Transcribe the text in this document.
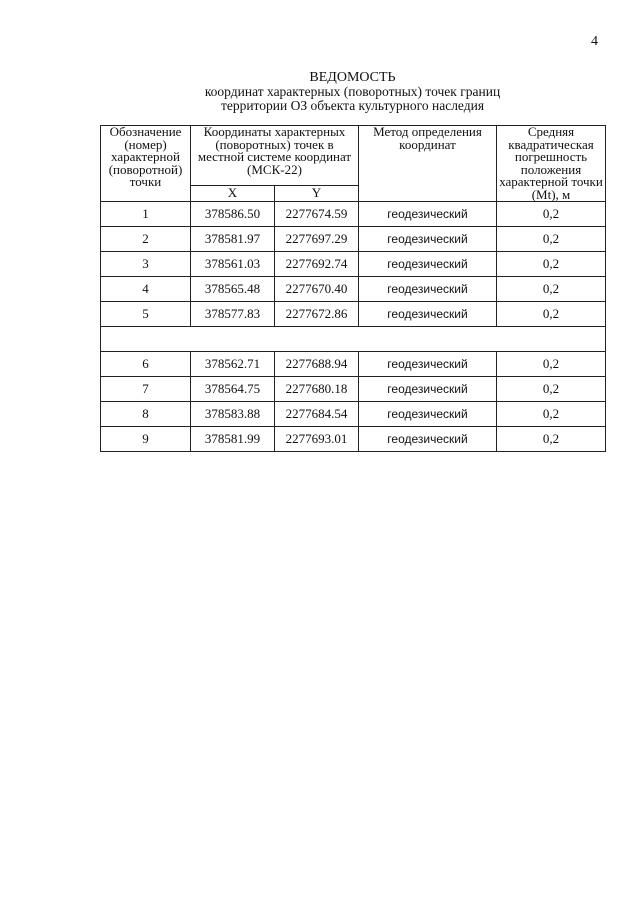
4
ВЕДОМОСТЬ
координат характерных (поворотных) точек границ
территории ОЗ объекта культурного наследия
Обозначение (номер) характерной (поворотной) точки	Координаты характерных (поворотных) точек в местной системе координат (МСК-22)		Метод определения координат	Средняя квадратическая погрешность положения характерной точки (Mt), м
	X	Y		
1	378586.50	2277674.59	геодезический	0,2
2	378581.97	2277697.29	геодезический	0,2
3	378561.03	2277692.74	геодезический	0,2
4	378565.48	2277670.40	геодезический	0,2
5	378577.83	2277672.86	геодезический	0,2

6	378562.71	2277688.94	геодезический	0,2
7	378564.75	2277680.18	геодезический	0,2
8	378583.88	2277684.54	геодезический	0,2
9	378581.99	2277693.01	геодезический	0,2
